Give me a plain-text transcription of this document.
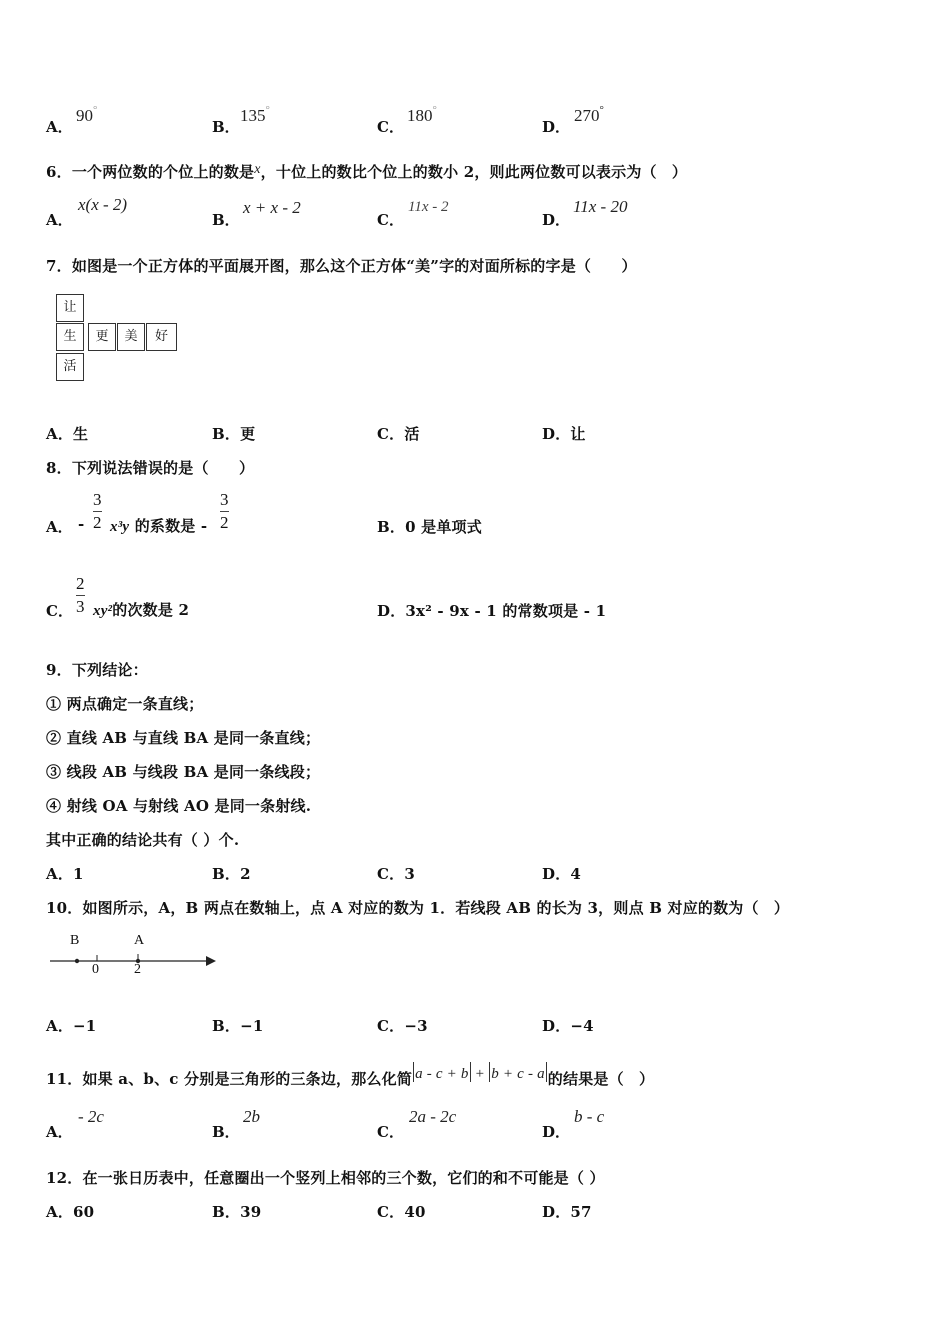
A．
90°
B．
135°
C．
180°
D．
270°
6．一个两位数的个位上的数是x，十位上的数比个位上的数小 2，则此两位数可以表示为（　）
A．
x(x - 2)
B．
x + x - 2
C．
11x - 2
D．
11x - 20
7．如图是一个正方体的平面展开图，那么这个正方体“美”字的对面所标的字是（　　）
让
生
活
更	美	好
A．生	B．更	C．活	D．让
8．下列说法错误的是（　　）
A． -
3
2 x³y 的系数是 -
3
2	B．0 是单项式
C．
2
3 xy²的次数是 2	D．3x² - 9x - 1 的常数项是 - 1
9．下列结论：
① 两点确定一条直线；
② 直线 AB 与直线 BA 是同一条直线；
③ 线段 AB 与线段 BA 是同一条线段；
④ 射线 OA 与射线 AO 是同一条射线.
其中正确的结论共有（ ）个.
A．1	B．2	C．3	D．4
10．如图所示，A，B 两点在数轴上，点 A 对应的数为 1．若线段 AB 的长为 3，则点 B 对应的数为（　）
B	A
0	2
A．−1	B．−1	C．−3	D．−4
11．如果 a、b、c 分别是三角形的三条边，那么化简 a - c + b + b + c - a 的结果是（　）
A．
- 2c
B．
2b
C．
2a - 2c
D．
b - c
12．在一张日历表中，任意圈出一个竖列上相邻的三个数，它们的和不可能是（ ）
A．60	B．39	C．40	D．57
